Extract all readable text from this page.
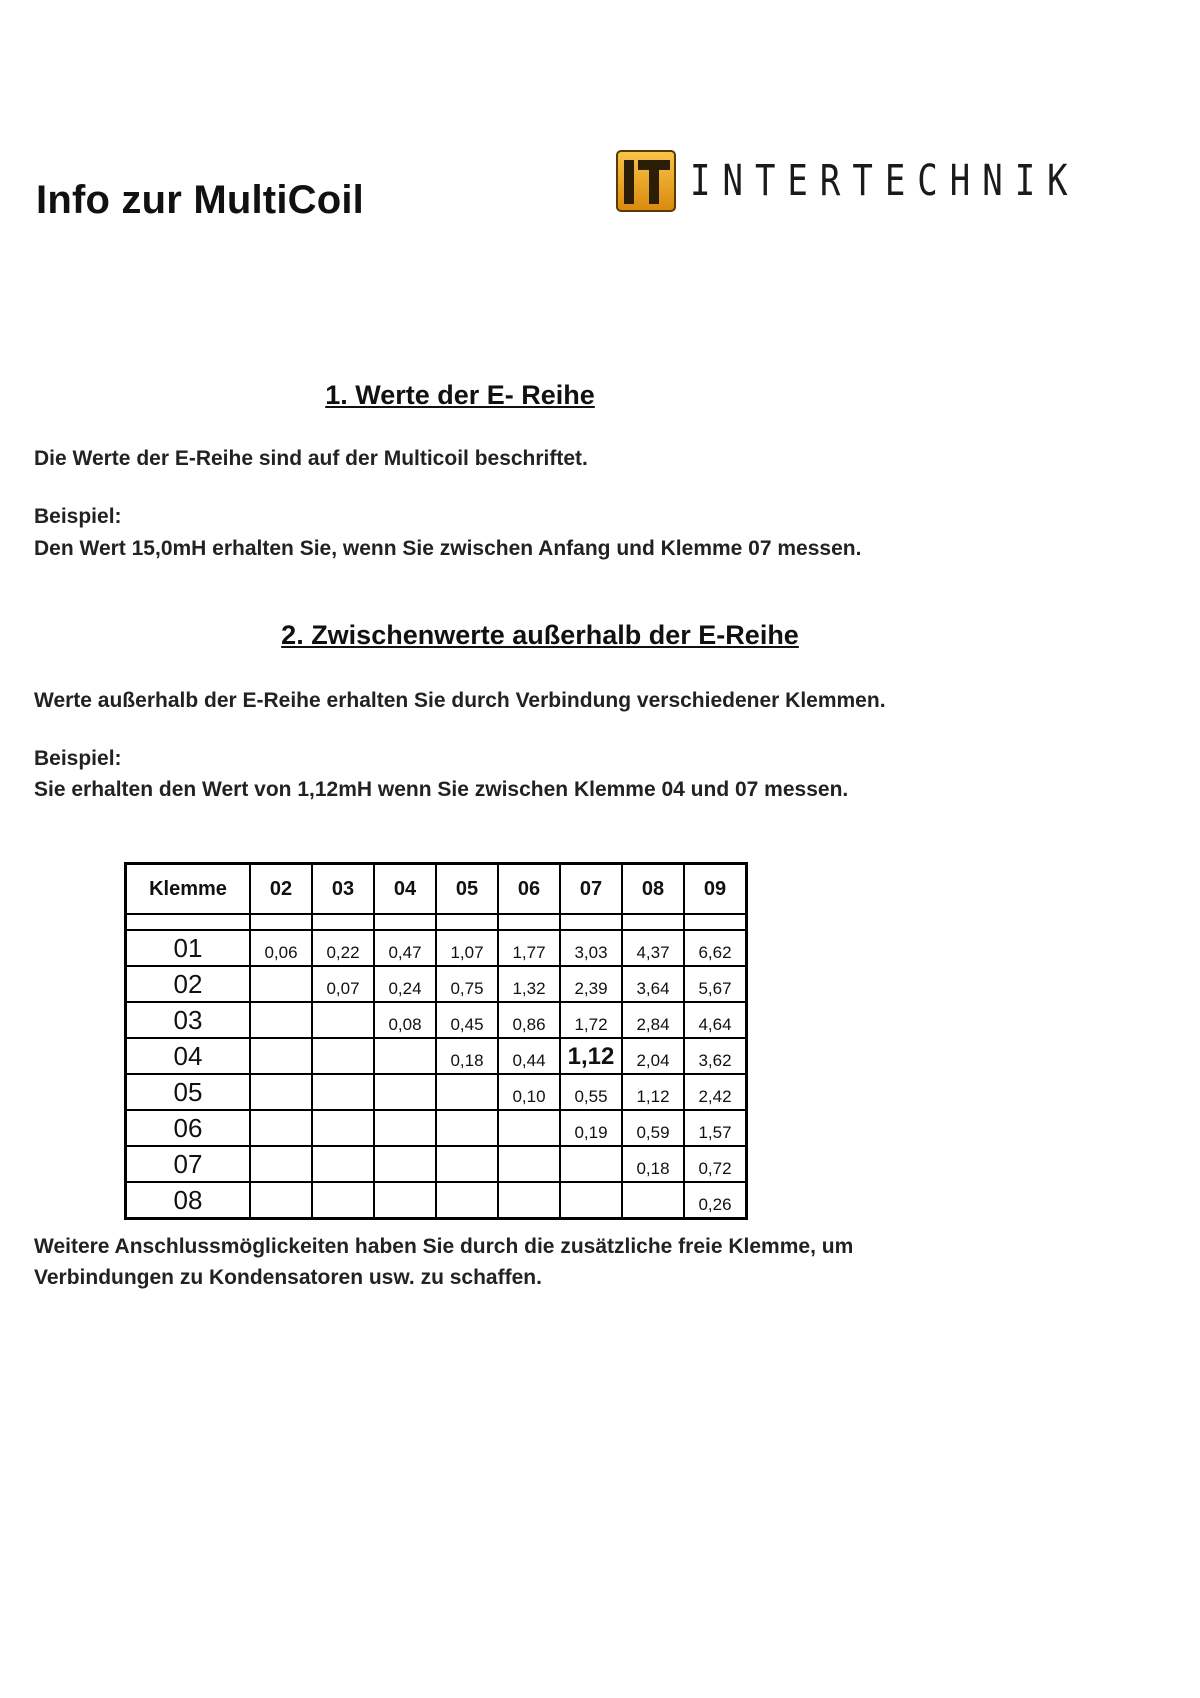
Info zur MultiCoil	INTERTECHNIK
1. Werte der E- Reihe

Die Werte der E-Reihe sind auf der Multicoil beschriftet.

Beispiel:

Den Wert 15,0mH erhalten Sie, wenn Sie zwischen Anfang und Klemme 07 messen.

2. Zwischenwerte außerhalb der E-Reihe

Werte außerhalb der E-Reihe erhalten Sie durch Verbindung verschiedener Klemmen.

Beispiel:

Sie erhalten den Wert von 1,12mH wenn Sie zwischen Klemme 04 und 07 messen.

Klemme	02	03	04	05	06	07	08	09

01	0,06	0,22	0,47	1,07	1,77	3,03	4,37	6,62
02		0,07	0,24	0,75	1,32	2,39	3,64	5,67
03			0,08	0,45	0,86	1,72	2,84	4,64
04				0,18	0,44	1,12	2,04	3,62
05					0,10	0,55	1,12	2,42
06						0,19	0,59	1,57
07							0,18	0,72
08								0,26

Weitere Anschlussmöglickeiten haben Sie durch die zusätzliche freie Klemme, um

Verbindungen zu Kondensatoren usw. zu schaffen.
